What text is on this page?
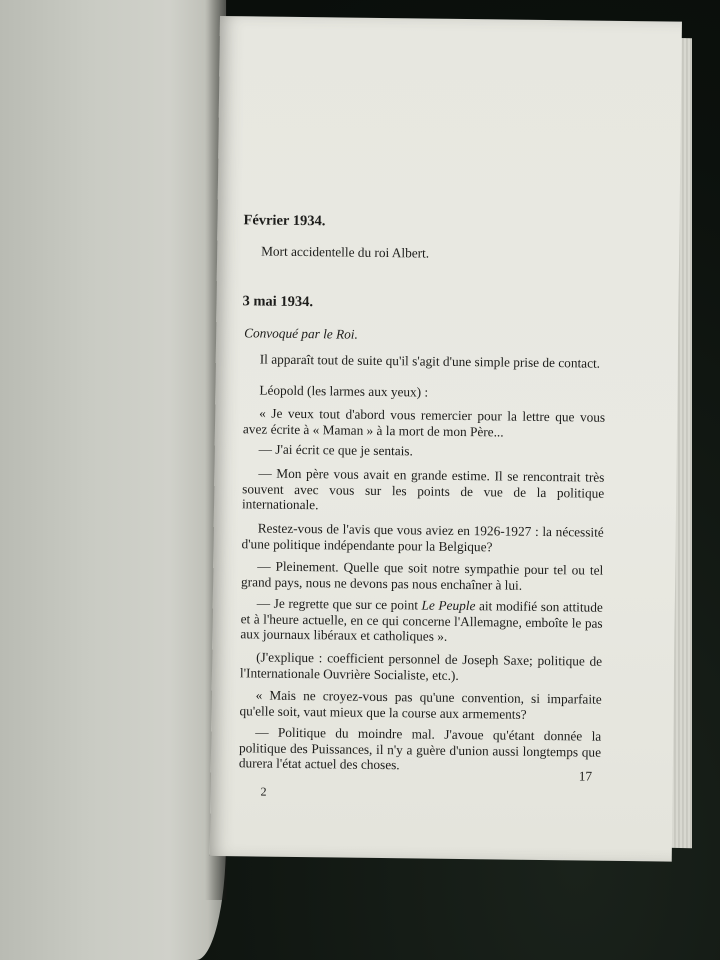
Février 1934.

Mort accidentelle du roi Albert.

3 mai 1934.

Convoqué par le Roi.

Il apparaît tout de suite qu'il s'agit d'une simple prise de contact.

Léopold (les larmes aux yeux) :

« Je veux tout d'abord vous remercier pour la lettre que vous avez écrite à « Maman » à la mort de mon Père...

— J'ai écrit ce que je sentais.

— Mon père vous avait en grande estime. Il se rencontrait très souvent avec vous sur les points de vue de la politique internationale.

Restez-vous de l'avis que vous aviez en 1926-1927 : la nécessité d'une politique indépendante pour la Belgique?

— Pleinement. Quelle que soit notre sympathie pour tel ou tel grand pays, nous ne devons pas nous enchaîner à lui.

— Je regrette que sur ce point Le Peuple ait modifié son attitude et à l'heure actuelle, en ce qui concerne l'Allemagne, emboîte le pas aux journaux libéraux et catholiques ».

(J'explique : coefficient personnel de Joseph Saxe; politique de l'Internationale Ouvrière Socialiste, etc.).

« Mais ne croyez-vous pas qu'une convention, si imparfaite qu'elle soit, vaut mieux que la course aux armements?

— Politique du moindre mal. J'avoue qu'étant donnée la politique des Puissances, il n'y a guère d'union aussi longtemps que durera l'état actuel des choses.

17

2
